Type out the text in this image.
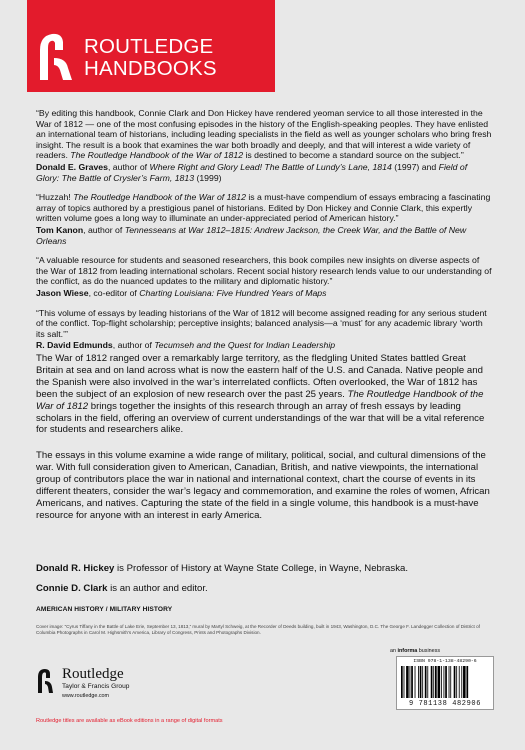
ROUTLEDGE
HANDBOOKS

“By editing this handbook, Connie Clark and Don Hickey have rendered yeoman service to all those interested in the War of 1812 — one of the most confusing episodes in the history of the English-speaking peoples. They have enlisted an international team of historians, including leading specialists in the field as well as younger scholars who bring fresh insight. The result is a book that examines the war both broadly and deeply, and that will interest a wide variety of readers. The Routledge Handbook of the War of 1812 is destined to become a standard source on the subject.”

Donald E. Graves, author of Where Right and Glory Lead! The Battle of Lundy’s Lane, 1814 (1997) and Field of Glory: The Battle of Crysler’s Farm, 1813 (1999)

“Huzzah! The Routledge Handbook of the War of 1812 is a must-have compendium of essays embracing a fascinating array of topics authored by a prestigious panel of historians. Edited by Don Hickey and Connie Clark, this expertly written volume goes a long way to illuminate an under-appreciated period of American history.”

Tom Kanon, author of Tennesseans at War 1812–1815: Andrew Jackson, the Creek War, and the Battle of New Orleans

“A valuable resource for students and seasoned researchers, this book compiles new insights on diverse aspects of the War of 1812 from leading international scholars. Recent social history research lends value to our understanding of the conflict, as do the nuanced updates to the military and diplomatic history.”

Jason Wiese, co-editor of Charting Louisiana: Five Hundred Years of Maps

“This volume of essays by leading historians of the War of 1812 will become assigned reading for any serious student of the conflict. Top-flight scholarship; perceptive insights; balanced analysis—a ‘must’ for any academic library ‘worth its salt.’”

R. David Edmunds, author of Tecumseh and the Quest for Indian Leadership

The War of 1812 ranged over a remarkably large territory, as the fledgling United States battled Great Britain at sea and on land across what is now the eastern half of the U.S. and Canada. Native people and the Spanish were also involved in the war’s interrelated conflicts. Often overlooked, the War of 1812 has been the subject of an explosion of new research over the past 25 years. The Routledge Handbook of the War of 1812 brings together the insights of this research through an array of fresh essays by leading scholars in the field, offering an overview of current understandings of the war that will be a vital reference for students and researchers alike.

The essays in this volume examine a wide range of military, political, social, and cultural dimensions of the war. With full consideration given to American, Canadian, British, and native viewpoints, the international group of contributors place the war in national and international context, chart the course of events in its different theaters, consider the war’s legacy and commemoration, and examine the roles of women, African Americans, and natives. Capturing the state of the field in a single volume, this handbook is a must-have resource for anyone with an interest in early America.

Donald R. Hickey is Professor of History at Wayne State College, in Wayne, Nebraska.

Connie D. Clark is an author and editor.

AMERICAN HISTORY / MILITARY HISTORY
Cover image: “Cyrus Tiffany in the Battle of Lake Erie, September 13, 1813,” mural by Martyl Schweig, at the Recorder of Deeds building, built in 1943, Washington, D.C. The George F. Landegger Collection of District of Columbia Photographs in Carol M. Highsmith’s America, Library of Congress, Prints and Photographs Division.
Routledge
Taylor & Francis Group
www.routledge.com
an informa business
ISBN 978-1-138-48290-6
9 781138 482906
Routledge titles are available as eBook editions in a range of digital formats
